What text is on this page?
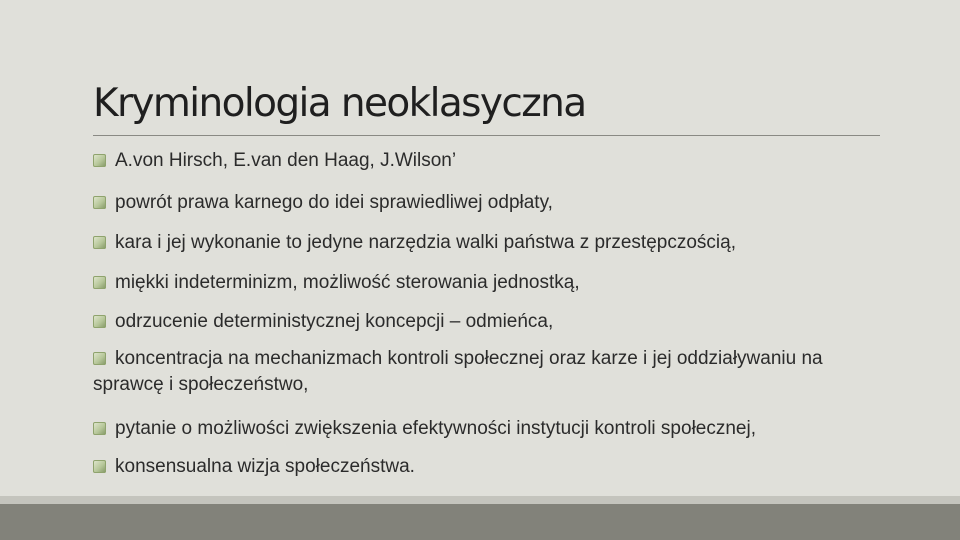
Kryminologia neoklasyczna
A.von Hirsch, E.van den Haag, J.Wilson’
powrót prawa karnego do idei sprawiedliwej odpłaty,
kara i jej wykonanie to jedyne narzędzia walki państwa z przestępczością,
miękki indeterminizm, możliwość sterowania jednostką,
odrzucenie deterministycznej koncepcji – odmieńca,
koncentracja na mechanizmach kontroli społecznej oraz karze i jej oddziaływaniu na
sprawcę i społeczeństwo,
pytanie o możliwości zwiększenia efektywności instytucji kontroli społecznej,
konsensualna wizja społeczeństwa.
